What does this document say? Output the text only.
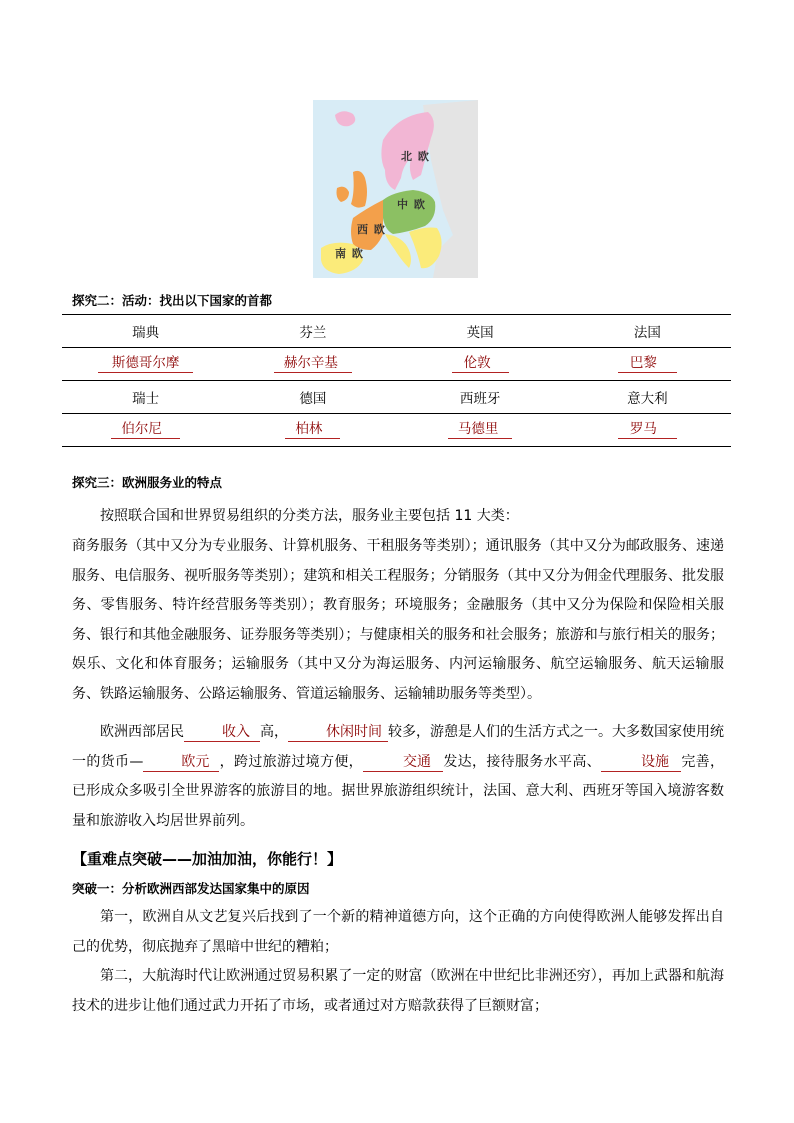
北 欧
中 欧
西 欧
南 欧
探究二：活动：找出以下国家的首都
瑞典	芬兰	英国	法国
斯德哥尔摩	赫尔辛基	伦敦	巴黎
瑞士	德国	西班牙	意大利
伯尔尼	柏林	马德里	罗马
探究三：欧洲服务业的特点
按照联合国和世界贸易组织的分类方法，服务业主要包括 11 大类：
商务服务（其中又分为专业服务、计算机服务、干租服务等类别）；通讯服务（其中又分为邮政服务、速递服务、电信服务、视听服务等类别）；建筑和相关工程服务；分销服务（其中又分为佣金代理服务、批发服务、零售服务、特许经营服务等类别）；教育服务；环境服务；金融服务（其中又分为保险和保险相关服务、银行和其他金融服务、证券服务等类别）；与健康相关的服务和社会服务；旅游和与旅行相关的服务；娱乐、文化和体育服务；运输服务（其中又分为海运服务、内河运输服务、航空运输服务、航天运输服务、铁路运输服务、公路运输服务、管道运输服务、运输辅助服务等类型）。
欧洲西部居民	收入 高，	休闲时间 较多，游憩是人们的生活方式之一。大多数国家使用统一的货币—	欧元 ，跨过旅游过境方便，	交通 发达，接待服务水平高、	设施 完善，已形成众多吸引全世界游客的旅游目的地。据世界旅游组织统计，法国、意大利、西班牙等国入境游客数量和旅游收入均居世界前列。
【重难点突破——加油加油，你能行！】
突破一：分析欧洲西部发达国家集中的原因
第一，欧洲自从文艺复兴后找到了一个新的精神道德方向，这个正确的方向使得欧洲人能够发挥出自己的优势，彻底抛弃了黑暗中世纪的糟粕；
第二，大航海时代让欧洲通过贸易积累了一定的财富（欧洲在中世纪比非洲还穷），再加上武器和航海技术的进步让他们通过武力开拓了市场，或者通过对方赔款获得了巨额财富；
